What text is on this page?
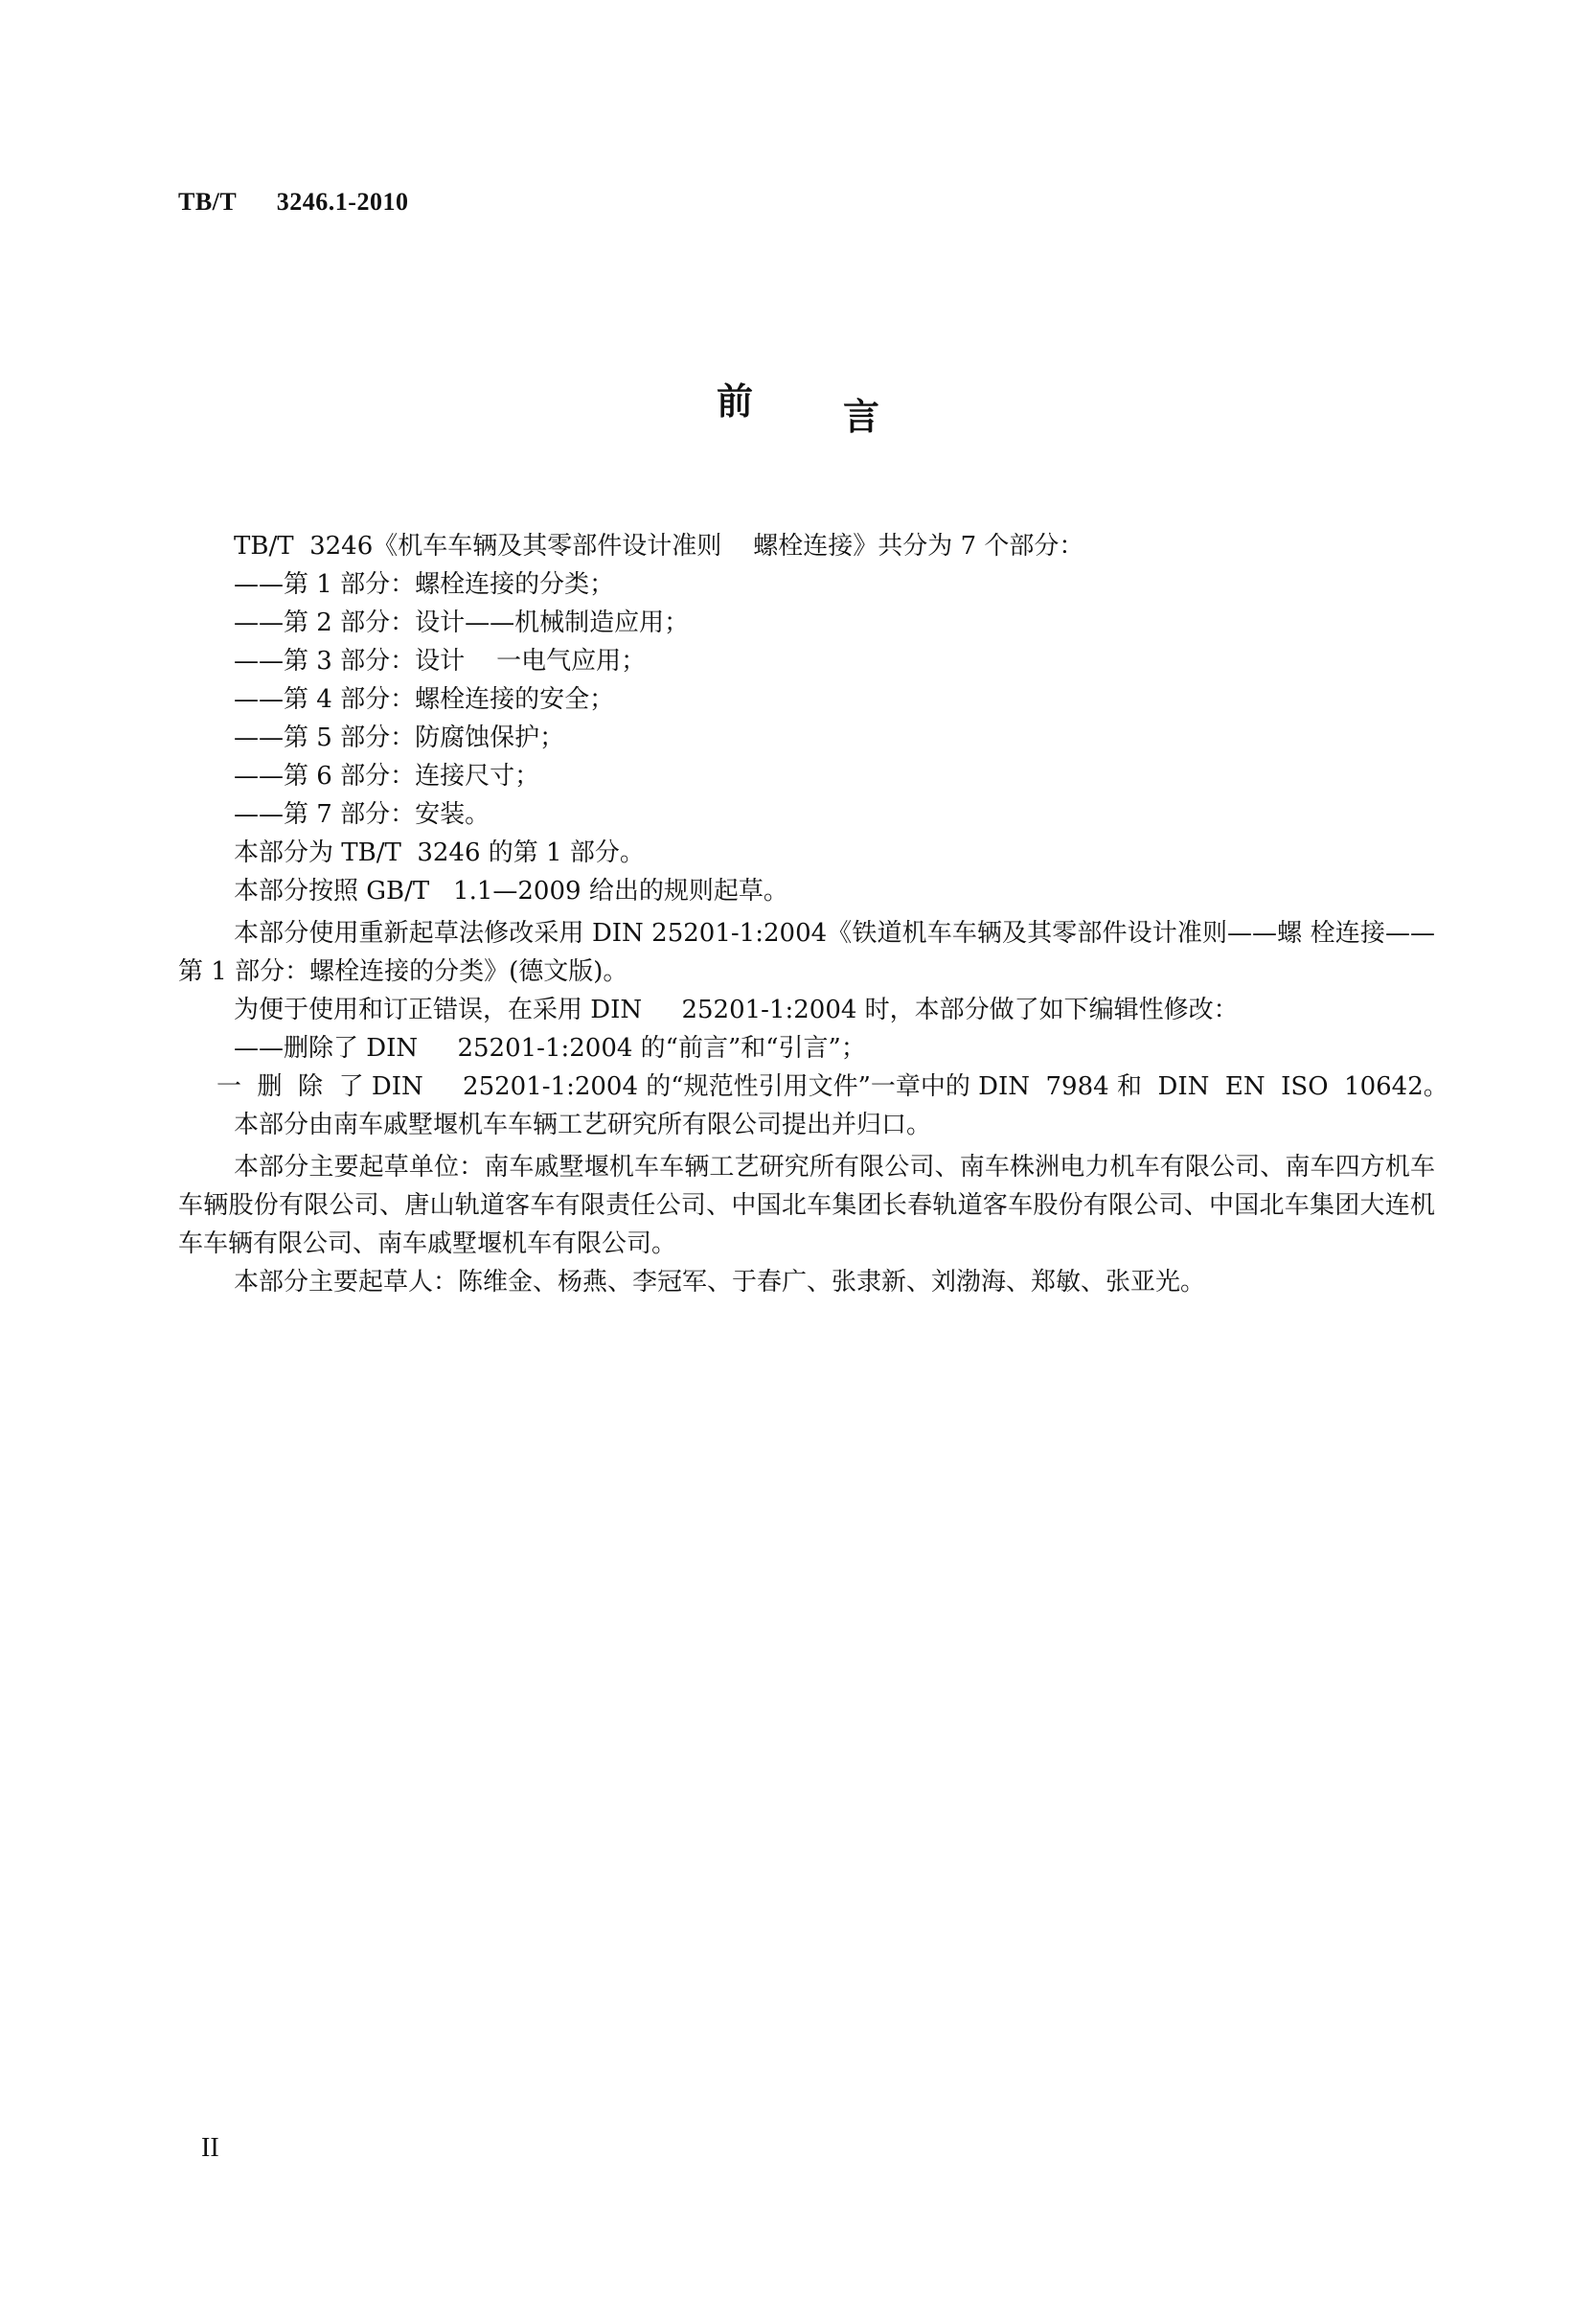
TB/T      3246.1-2010
前 言
TB/T  3246《机车车辆及其零部件设计准则    螺栓连接》共分为 7 个部分：
——第 1 部分：螺栓连接的分类；
——第 2 部分：设计——机械制造应用；
——第 3 部分：设计    一电气应用；
——第 4 部分：螺栓连接的安全；
——第 5 部分：防腐蚀保护；
——第 6 部分：连接尺寸；
——第 7 部分：安装。
本部分为 TB/T  3246 的第 1 部分。
本部分按照 GB/T   1.1—2009 给出的规则起草。
本部分使用重新起草法修改采用 DIN 25201-1:2004《铁道机车车辆及其零部件设计准则——螺 栓连接——第 1 部分：螺栓连接的分类》(德文版)。
为便于使用和订正错误，在采用 DIN     25201-1:2004 时，本部分做了如下编辑性修改：
——删除了 DIN     25201-1:2004 的“前言”和“引言”；
一  删  除  了 DIN     25201-1:2004 的“规范性引用文件”一章中的 DIN  7984 和  DIN  EN  ISO  10642。
本部分由南车戚墅堰机车车辆工艺研究所有限公司提出并归口。
本部分主要起草单位：南车戚墅堰机车车辆工艺研究所有限公司、南车株洲电力机车有限公司、南车四方机车车辆股份有限公司、唐山轨道客车有限责任公司、中国北车集团长春轨道客车股份有限公司、中国北车集团大连机车车辆有限公司、南车戚墅堰机车有限公司。
本部分主要起草人：陈维金、杨燕、李冠军、于春广、张隶新、刘渤海、郑敏、张亚光。
II
